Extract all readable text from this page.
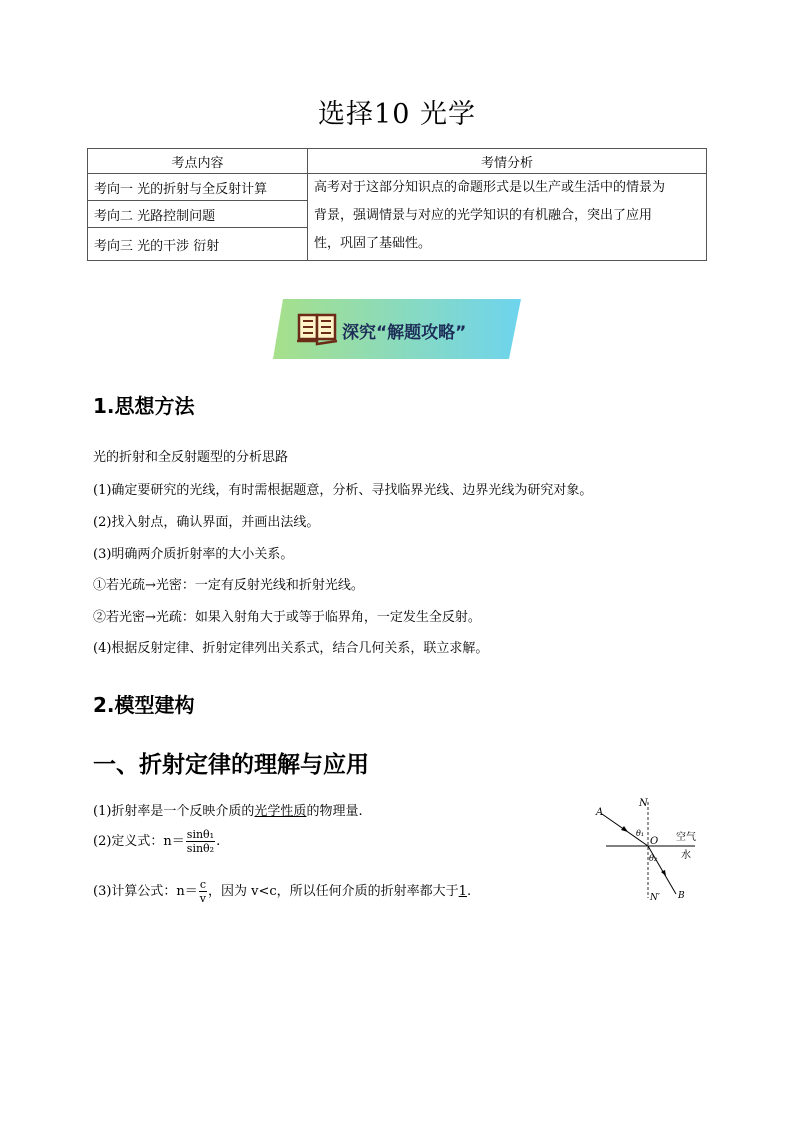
选择10 光学
考点内容	考情分析
考向一 光的折射与全反射计算	高考对于这部分知识点的命题形式是以生产或生活中的情景为
背景，强调情景与对应的光学知识的有机融合，突出了应用
性，巩固了基础性。

考向二 光路控制问题	
考向三 光的干涉 衍射	
深究“解题攻略”
1.思想方法
光的折射和全反射题型的分析思路
(1)确定要研究的光线，有时需根据题意，分析、寻找临界光线、边界光线为研究对象。
(2)找入射点，确认界面，并画出法线。
(3)明确两介质折射率的大小关系。
①若光疏→光密：一定有反射光线和折射光线。
②若光密→光疏：如果入射角大于或等于临界角，一定发生全反射。
(4)根据反射定律、折射定律列出关系式，结合几何关系，联立求解。
2.模型建构
一、折射定律的理解与应用
(1)折射率是一个反映介质的光学性质的物理量.
(2)定义式：$n= \frac{\text{sinθ₁}}{\text{sinθ₂}}$ .
(3)计算公式：$n= \frac{c}{v}$ ，因为 v<c，所以任何介质的折射率都大于1.
A
N
O
θ₁
θ₂
空气
水
N′ B
